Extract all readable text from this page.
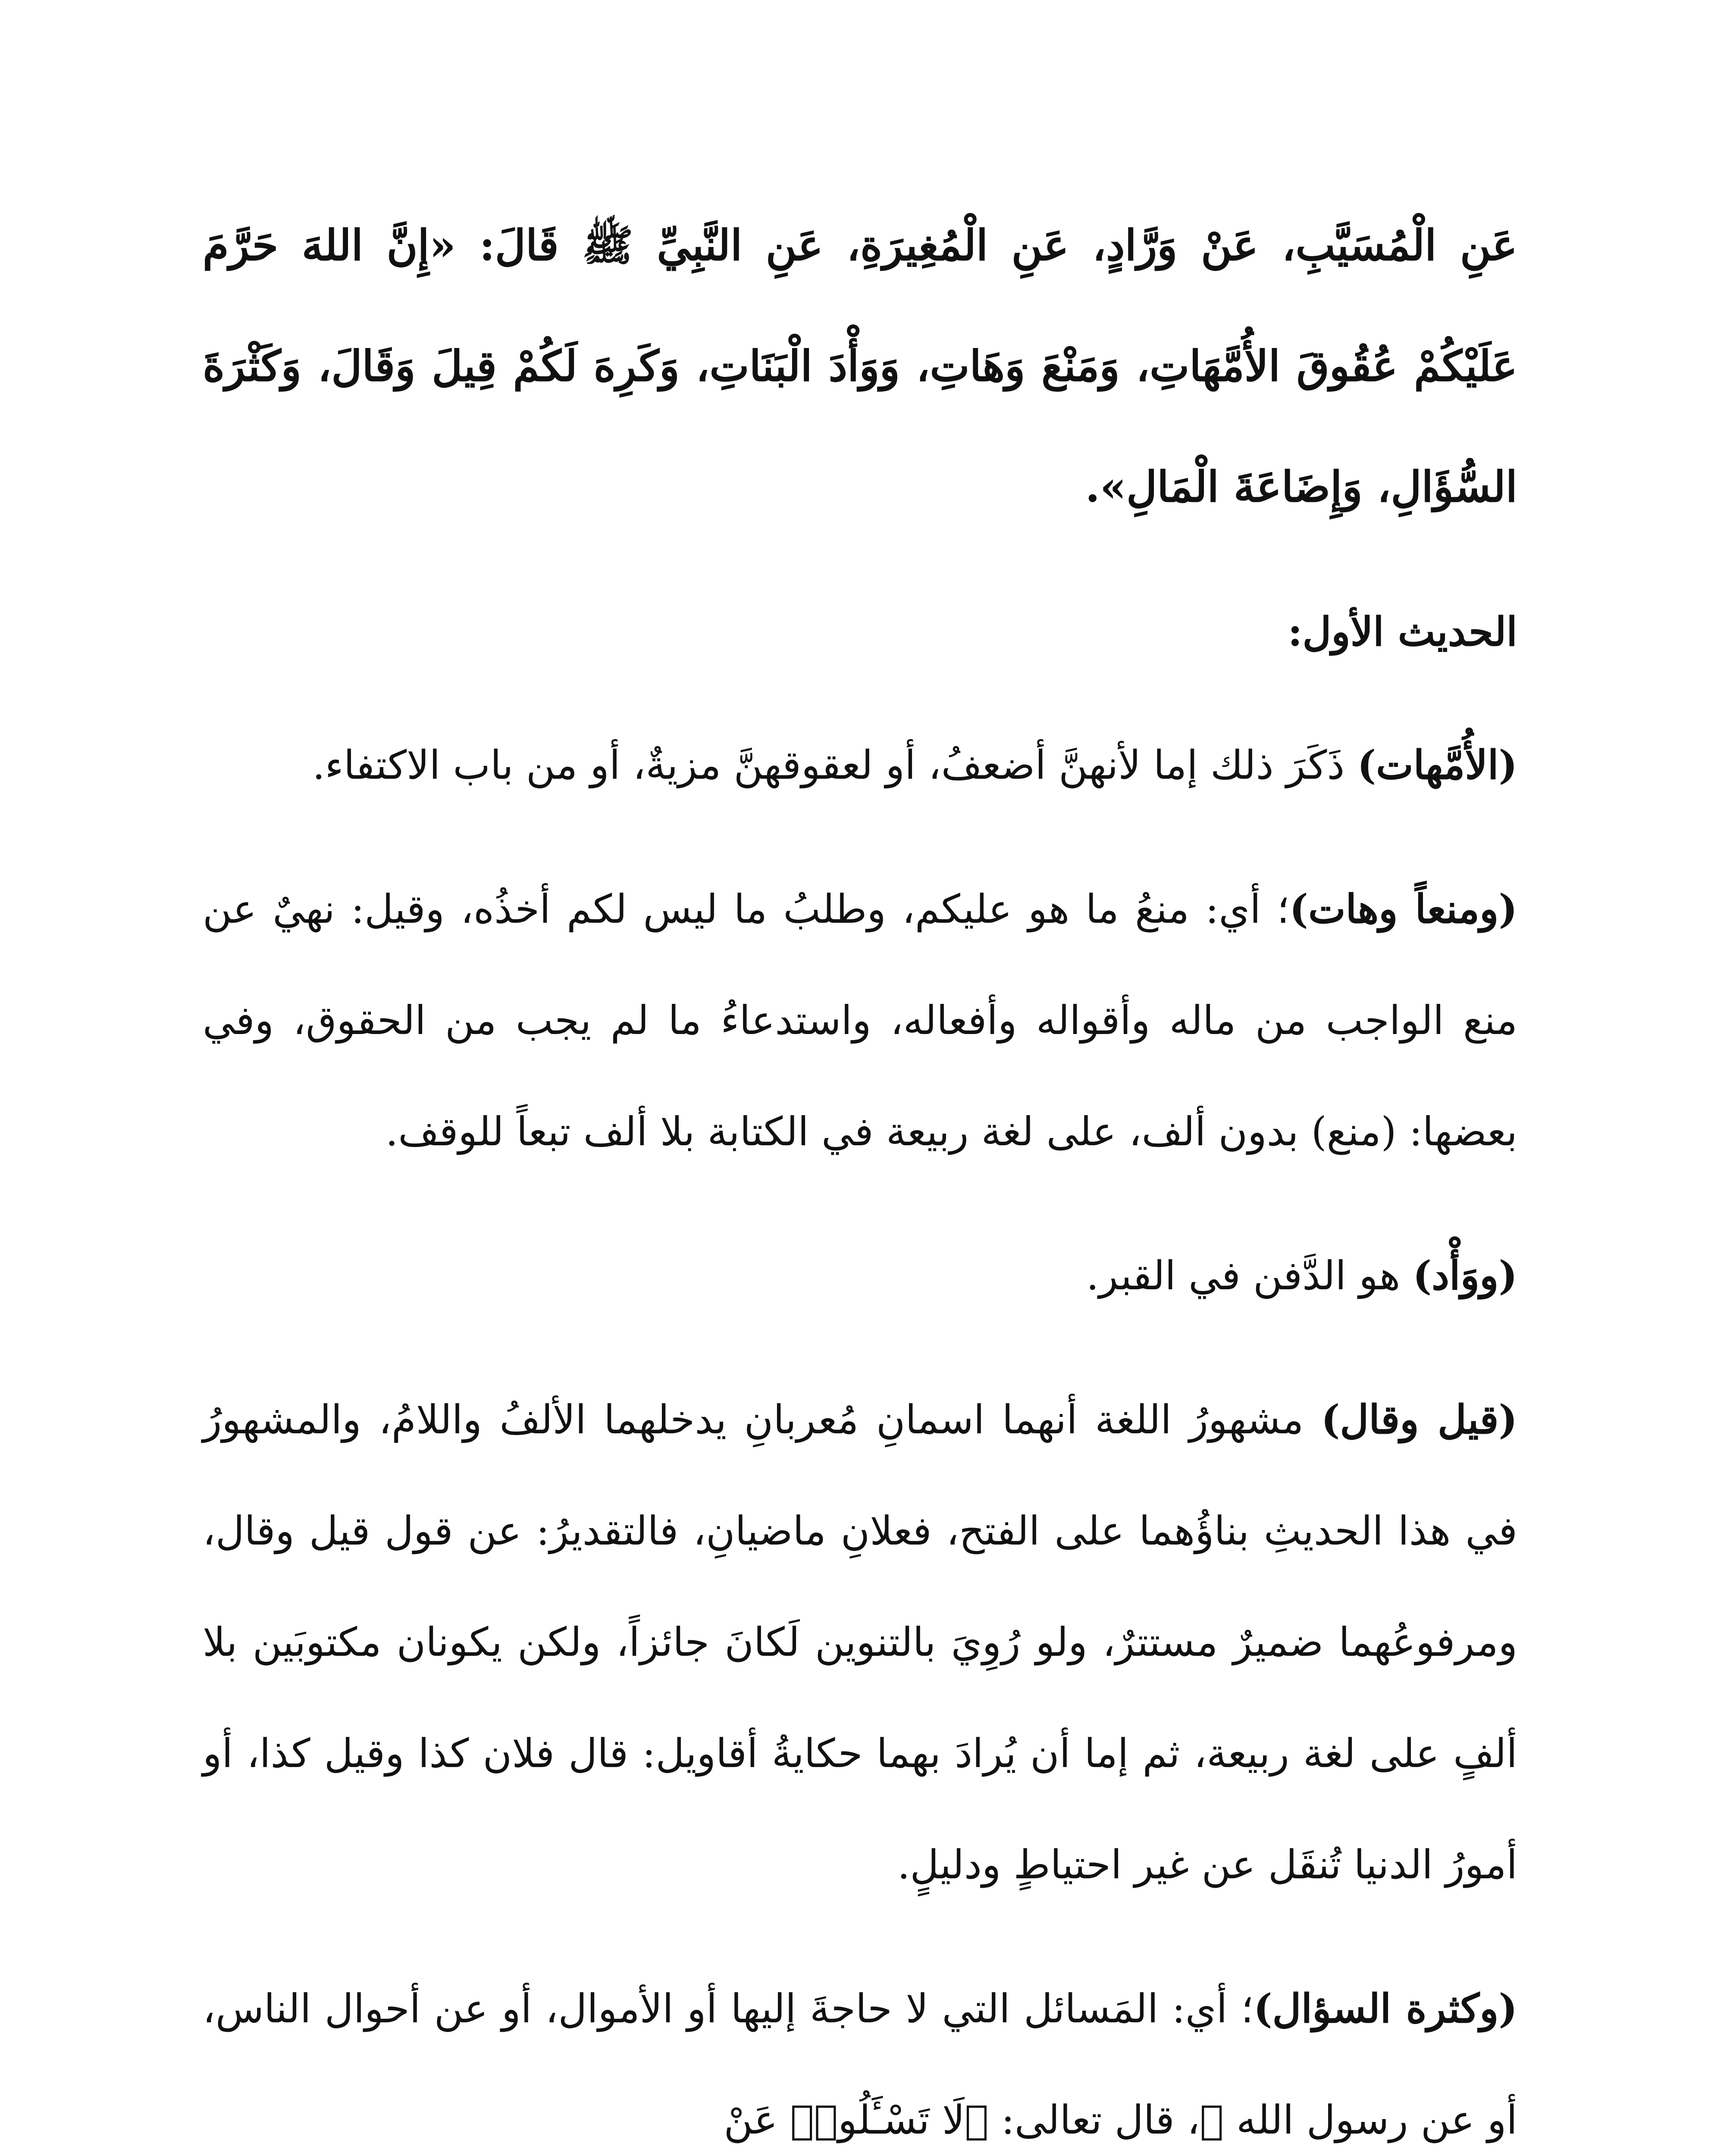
عَنِ الْمُسَيَّبِ، عَنْ وَرَّادٍ، عَنِ الْمُغِيرَةِ، عَنِ النَّبِيِّ ﷺ قَالَ: «إِنَّ اللهَ حَرَّمَ عَلَيْكُمْ عُقُوقَ الأُمَّهَاتِ، وَمَنْعَ وَهَاتِ، وَوَأْدَ الْبَنَاتِ، وَكَرِهَ لَكُمْ قِيلَ وَقَالَ، وَكَثْرَةَ السُّؤَالِ، وَإِضَاعَةَ الْمَالِ».

الحديث الأول:

(الأُمَّهات) ذَكَرَ ذلك إما لأنهنَّ أضعفُ، أو لعقوقهنَّ مزيةٌ، أو من باب الاكتفاء.

(ومنعاً وهات)؛ أي: منعُ ما هو عليكم، وطلبُ ما ليس لكم أخذُه، وقيل: نهيٌ عن منع الواجب من ماله وأقواله وأفعاله، واستدعاءُ ما لم يجب من الحقوق، وفي بعضها: (منع) بدون ألف، على لغة ربيعة في الكتابة بلا ألف تبعاً للوقف.

(ووَأْد) هو الدَّفن في القبر.

(قيل وقال) مشهورُ اللغة أنهما اسمانِ مُعربانِ يدخلهما الألفُ واللامُ، والمشهورُ في هذا الحديثِ بناؤُهما على الفتح، فعلانِ ماضيانِ، فالتقديرُ: عن قول قيل وقال، ومرفوعُهما ضميرٌ مستترٌ، ولو رُوِيَ بالتنوين لَكانَ جائزاً، ولكن يكونان مكتوبَين بلا ألفٍ على لغة ربيعة، ثم إما أن يُرادَ بهما حكايةُ أقاويل: قال فلان كذا وقيل كذا، أو أمورُ الدنيا تُنقَل عن غير احتياطٍ ودليلٍ.

(وكثرة السؤال)؛ أي: المَسائل التي لا حاجةَ إليها أو الأموال، أو عن أحوال الناس، أو عن رسول الله ﷺ، قال تعالى: ﴿لَا تَسْـَٔلُوا۟ عَنْ
